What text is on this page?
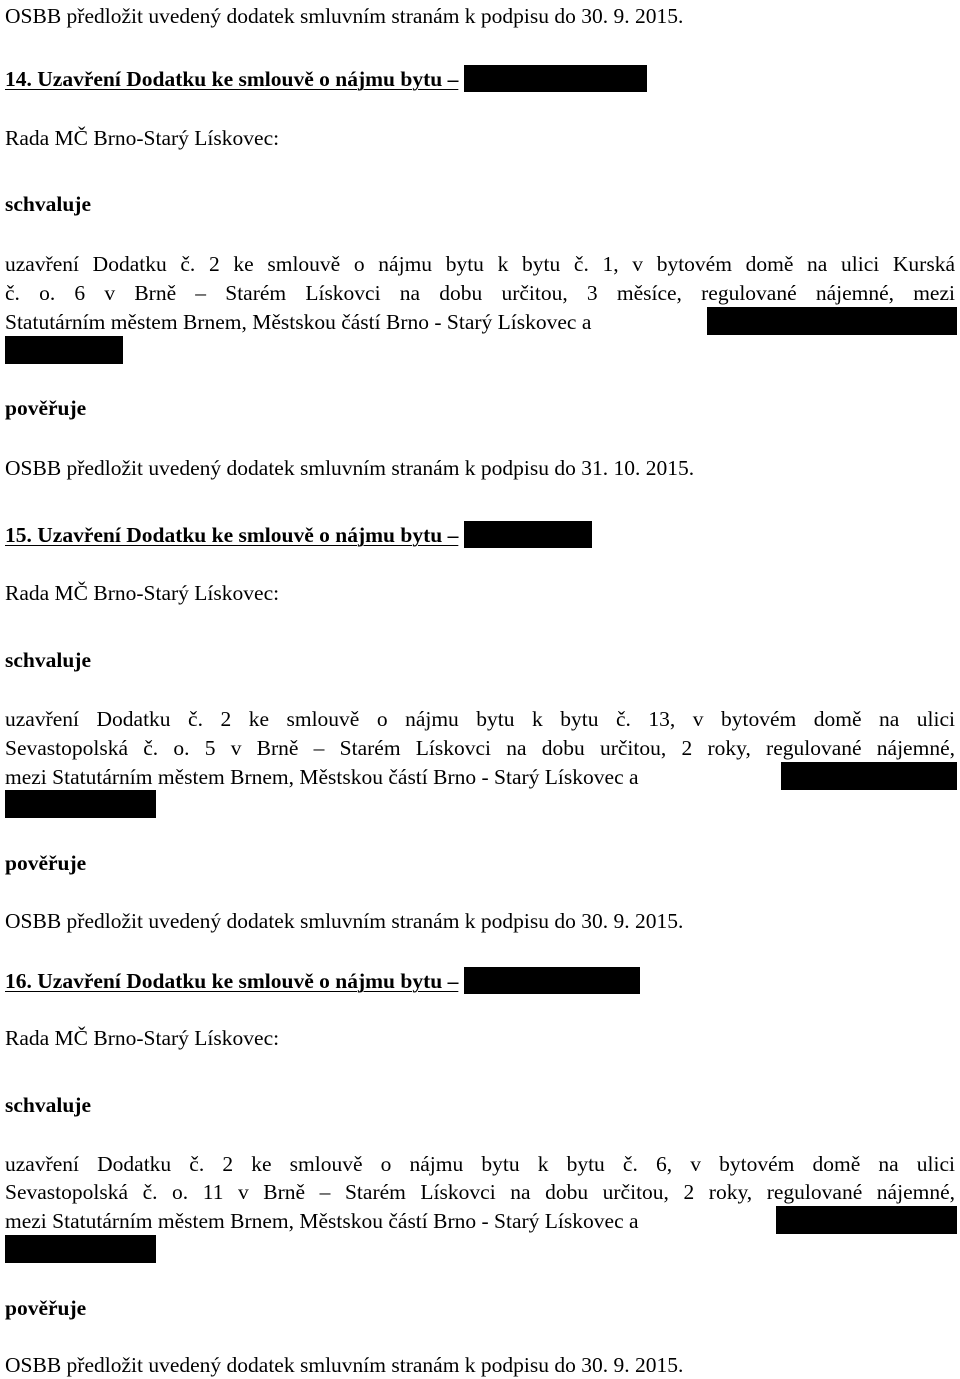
OSBB předložit uvedený dodatek smluvním stranám k podpisu do 30. 9. 2015.

14. Uzavření Dodatku ke smlouvě o nájmu bytu –

Rada MČ Brno-Starý Lískovec:

schvaluje

uzavření Dodatku č. 2 ke smlouvě o nájmu bytu k bytu č. 1, v bytovém domě na ulici Kurská

č. o. 6 v Brně – Starém Lískovci na dobu určitou, 3 měsíce, regulované nájemné, mezi

Statutárním městem Brnem, Městskou částí Brno - Starý Lískovec a

pověřuje

OSBB předložit uvedený dodatek smluvním stranám k podpisu do 31. 10. 2015.

15. Uzavření Dodatku ke smlouvě o nájmu bytu –

Rada MČ Brno-Starý Lískovec:

schvaluje

uzavření Dodatku č. 2 ke smlouvě o nájmu bytu k bytu č. 13, v bytovém domě na ulici

Sevastopolská č. o. 5 v Brně – Starém Lískovci na dobu určitou, 2 roky, regulované nájemné,

mezi Statutárním městem Brnem, Městskou částí Brno - Starý Lískovec a

pověřuje

OSBB předložit uvedený dodatek smluvním stranám k podpisu do 30. 9. 2015.

16. Uzavření Dodatku ke smlouvě o nájmu bytu –

Rada MČ Brno-Starý Lískovec:

schvaluje

uzavření Dodatku č. 2 ke smlouvě o nájmu bytu k bytu č. 6, v bytovém domě na ulici

Sevastopolská č. o. 11 v Brně – Starém Lískovci na dobu určitou, 2 roky, regulované nájemné,

mezi Statutárním městem Brnem, Městskou částí Brno - Starý Lískovec a

pověřuje

OSBB předložit uvedený dodatek smluvním stranám k podpisu do 30. 9. 2015.
